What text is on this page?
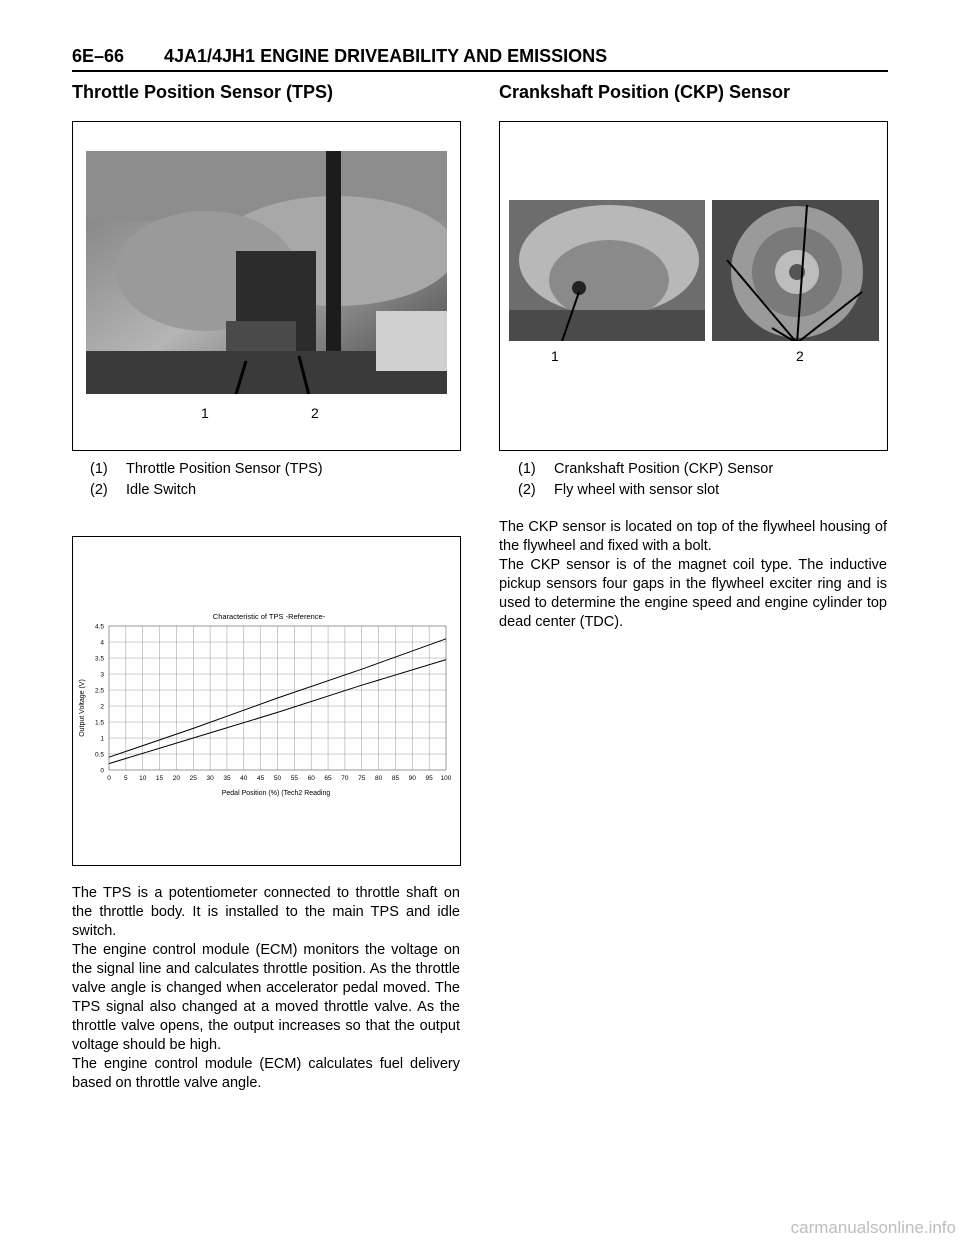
6E–66 4JA1/4JH1 ENGINE DRIVEABILITY AND EMISSIONS
Throttle Position Sensor (TPS)	Crankshaft Position (CKP) Sensor
1	2
(1)	Throttle Position Sensor (TPS)
(2)	Idle Switch
Characteristic of TPS -Reference-
Pedal Position (%) (Tech2 Reading
Output Voltage (V)
0 5 10 15 20 25 30 35 40 45 50 55 60 65 70 75 80 85 90 95 100
0
0.5
1
1.5
2
2.5
3
3.5
4
4.5

The TPS is a potentiometer connected to throttle shaft on the throttle body. It is installed to the main TPS and idle switch.

The engine control module (ECM) monitors the voltage on the signal line and calculates throttle position. As the throttle valve angle is changed when accelerator pedal moved. The TPS signal also changed at a moved throttle valve. As the throttle valve opens, the output increases so that the output voltage should be high.

The engine control module (ECM) calculates fuel delivery based on throttle valve angle.

1	2
(1)	Crankshaft Position (CKP) Sensor
(2)	Fly wheel with sensor slot

The CKP sensor is located on top of the flywheel housing of the flywheel and fixed with a bolt.

The CKP sensor is of the magnet coil type. The inductive pickup sensors four gaps in the flywheel exciter ring and is used to determine the engine speed and engine cylinder top dead center (TDC).

carmanualsonline.info
